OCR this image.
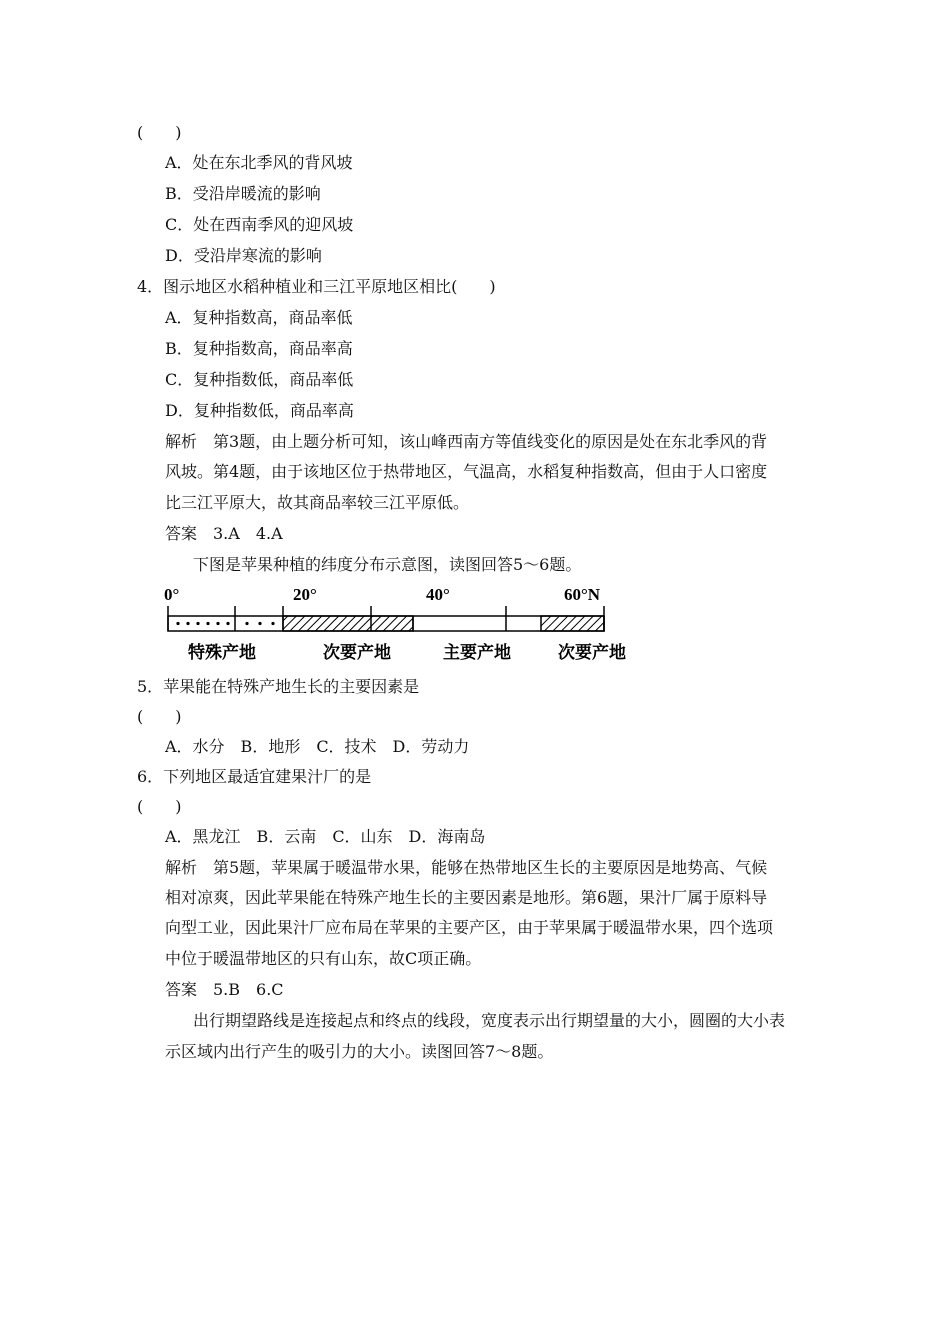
(　　)
A．处在东北季风的背风坡
B．受沿岸暖流的影响
C．处在西南季风的迎风坡
D．受沿岸寒流的影响
4．图示地区水稻种植业和三江平原地区相比(　　)
A．复种指数高，商品率低
B．复种指数高，商品率高
C．复种指数低，商品率低
D．复种指数低，商品率高
解析　第3题，由上题分析可知，该山峰西南方等值线变化的原因是处在东北季风的背
风坡。第4题，由于该地区位于热带地区，气温高，水稻复种指数高，但由于人口密度
比三江平原大，故其商品率较三江平原低。
答案　3.A　4.A
下图是苹果种植的纬度分布示意图，读图回答5～6题。
0°	20°	40°	60°N
特殊产地	次要产地	主要产地	次要产地
5．苹果能在特殊产地生长的主要因素是
(　　)
A．水分　B．地形　C．技术　D．劳动力
6．下列地区最适宜建果汁厂的是
(　　)
A．黑龙江　B．云南　C．山东　D．海南岛
解析　第5题，苹果属于暖温带水果，能够在热带地区生长的主要原因是地势高、气候
相对凉爽，因此苹果能在特殊产地生长的主要因素是地形。第6题，果汁厂属于原料导
向型工业，因此果汁厂应布局在苹果的主要产区，由于苹果属于暖温带水果，四个选项
中位于暖温带地区的只有山东，故C项正确。
答案　5.B　6.C
出行期望路线是连接起点和终点的线段，宽度表示出行期望量的大小，圆圈的大小表
示区域内出行产生的吸引力的大小。读图回答7～8题。
